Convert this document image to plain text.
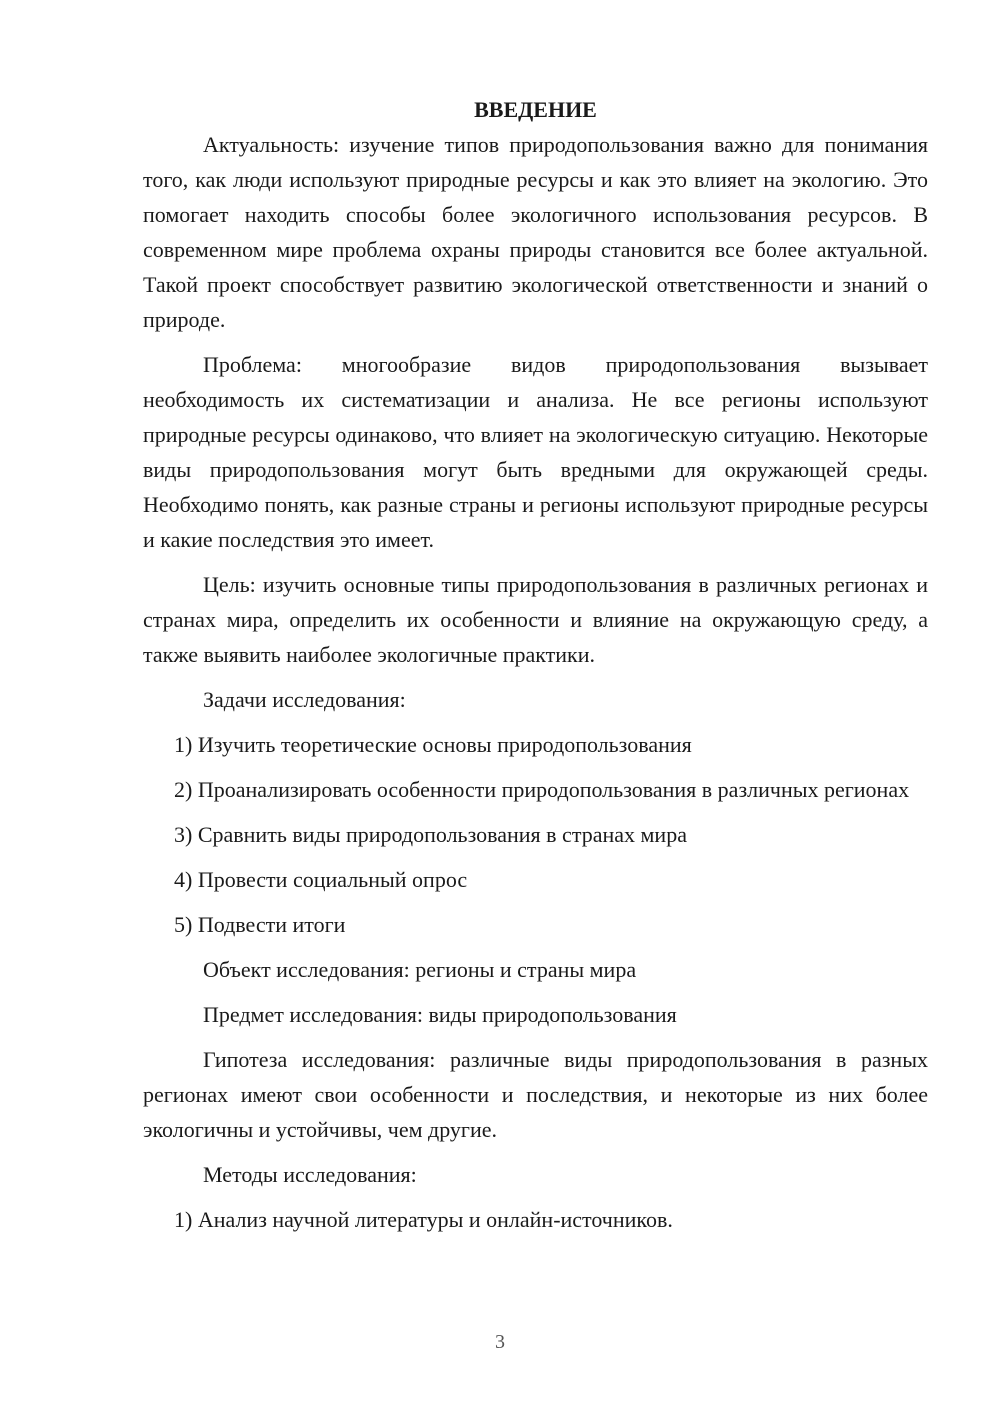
ВВЕДЕНИЕ

Актуальность: изучение типов природопользования важно для понимания того, как люди используют природные ресурсы и как это влияет на экологию. Это помогает находить способы более экологичного использования ресурсов. В современном мире проблема охраны природы становится все более актуальной. Такой проект способствует развитию экологической ответственности и знаний о природе.

Проблема: многообразие видов природопользования вызывает необходимость их систематизации и анализа. Не все регионы используют природные ресурсы одинаково, что влияет на экологическую ситуацию. Некоторые виды природопользования могут быть вредными для окружающей среды. Необходимо понять, как разные страны и регионы используют природные ресурсы и какие последствия это имеет.

Цель: изучить основные типы природопользования в различных регионах и странах мира, определить их особенности и влияние на окружающую среду, а также выявить наиболее экологичные практики.

Задачи исследования:

1) Изучить теоретические основы природопользования

2) Проанализировать особенности природопользования в различных регионах

3) Сравнить виды природопользования в странах мира

4) Провести социальный опрос

5) Подвести итоги

Объект исследования: регионы и страны мира

Предмет исследования: виды природопользования

Гипотеза исследования: различные виды природопользования в разных регионах имеют свои особенности и последствия, и некоторые из них более экологичны и устойчивы, чем другие.

Методы исследования:

1) Анализ научной литературы и онлайн-источников.

3
